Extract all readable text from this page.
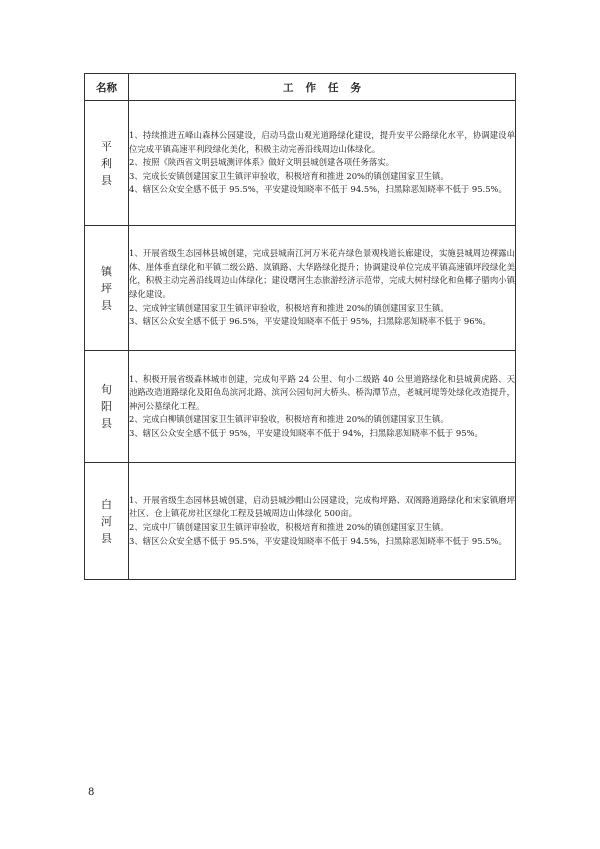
名称	工作任务
平利县	1、持续推进五峰山森林公园建设，启动马盘山观光道路绿化建设，提升安平公路绿化水平，协调建设单位完成平镇高速平利段绿化美化，积极主动完善沿线周边山体绿化。

2、按照《陕西省文明县城测评体系》做好文明县城创建各项任务落实。

3、完成长安镇创建国家卫生镇评审验收，积极培育和推进 20%的镇创建国家卫生镇。

4、辖区公众安全感不低于 95.5%，平安建设知晓率不低于 94.5%，扫黑除恶知晓率不低于 95.5%。

镇坪县	1、开展省级生态园林县城创建，完成县城南江河万米花卉绿色景观栈道长廊建设，实施县城周边裸露山体、崖体垂直绿化和平镇二级公路、岚镇路、大华路绿化提升；协调建设单位完成平镇高速镇坪段绿化美化，积极主动完善沿线周边山体绿化；建设曙河生态旅游经济示范带，完成大树村绿化和鱼椰子腊肉小镇绿化建设。

2、完成钟宝镇创建国家卫生镇评审验收，积极培育和推进 20%的镇创建国家卫生镇。

3、辖区公众安全感不低于 96.5%，平安建设知晓率不低于 95%，扫黑除恶知晓率不低于 96%。

旬阳县	1、积极开展省级森林城市创建，完成旬平路 24 公里、旬小二级路 40 公里道路绿化和县城黄虎路、天池路改造道路绿化及阳鱼岛滨河北路、滨河公园旬河大桥头、桥沟潭节点，老城河堤等处绿化改造提升，神河公墓绿化工程。

2、完成白柳镇创建国家卫生镇评审验收，积极培育和推进 20%的镇创建国家卫生镇。

3、辖区公众安全感不低于 95%，平安建设知晓率不低于 94%，扫黑除恶知晓率不低于 95%。

白河县	1、开展省级生态园林县城创建，启动县城沙帽山公园建设，完成构坪路、双阁路道路绿化和宋家镇磨坪社区、仓上镇花房社区绿化工程及县城周边山体绿化 500亩。

2、完成中厂镇创建国家卫生镇评审验收，积极培育和推进 20%的镇创建国家卫生镇。

3、辖区公众安全感不低于 95.5%，平安建设知晓率不低于 94.5%，扫黑除恶知晓率不低于 95.5%。

8
